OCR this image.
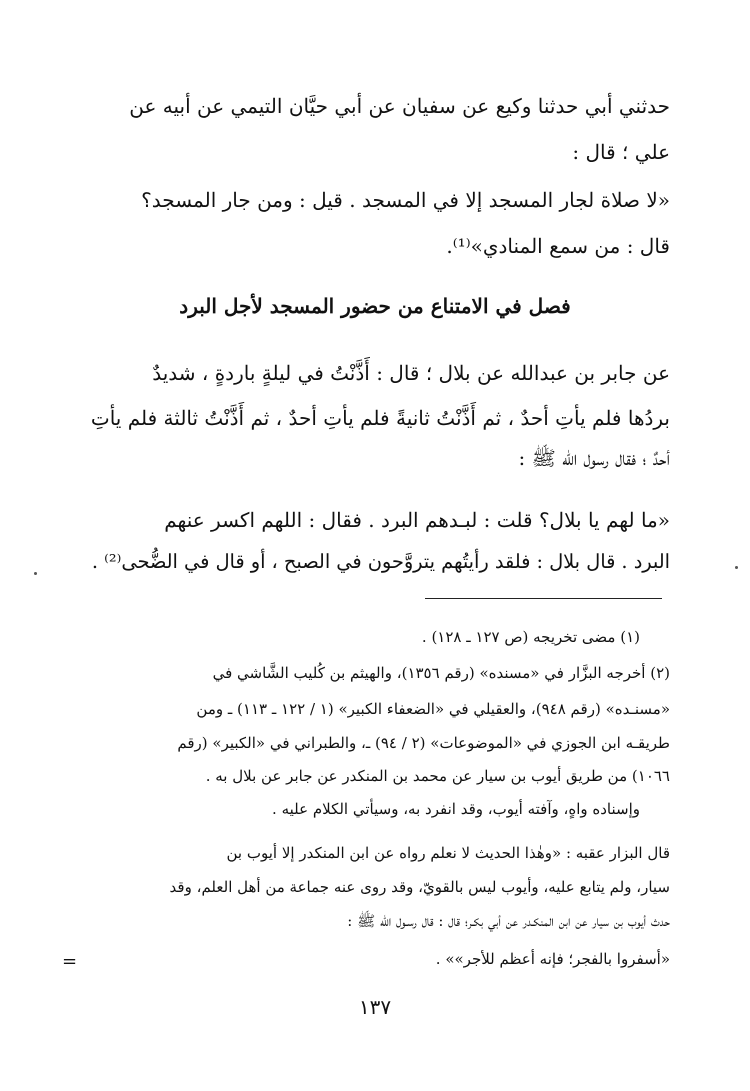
حدثني أبي حدثنا وكيع عن سفيان عن أبي حيَّان التيمي عن أبيه عن
علي ؛ قال :
«لا صلاة لجار المسجد إلا في المسجد . قيل : ومن جار المسجد؟
قال : من سمع المنادي»⁽¹⁾.
فصل في الامتناع من حضور المسجد لأجل البرد
عن جابر بن عبدالله عن بلال ؛ قال : أَذَّنْتُ في ليلةٍ باردةٍ ، شديدٌ
بردُها فلم يأتِ أحدٌ ، ثم أَذَّنْتُ ثانيةً فلم يأتِ أحدٌ ، ثم أَذَّنْتُ ثالثة فلم يأتِ
أحدٌ ؛ فقال رسول الله ﷺ :
«ما لهم يا بلال؟ قلت : لبـدهم البرد . فقال : اللهم اكسر عنهم
البرد . قال بلال : فلقد رأيتُهم يتروَّحون في الصبح ، أو قال في الضُّحى⁽²⁾ .
(١) مضى تخريجه (ص ١٢٧ ـ ١٢٨) .
(٢) أخرجه البزَّار في «مسنده» (رقم ١٣٥٦)، والهيثم بن كُليب الشَّاشي في
«مسنـده» (رقم ٩٤٨)، والعقيلي في «الضعفاء الكبير» (١ / ١٢٢ ـ ١١٣) ـ ومن
طريقـه ابن الجوزي في «الموضوعات» (٢ / ٩٤) ـ، والطبراني في «الكبير» (رقم
١٠٦٦) من طريق أيوب بن سيار عن محمد بن المنكدر عن جابر عن بلال به .
وإسناده واهٍ، وآفته أيوب، وقد انفرد به، وسيأتي الكلام عليه .
قال البزار عقبه : «وهٰذا الحديث لا نعلم رواه عن ابن المنكدر إلا أيوب بن
سيار، ولم يتابع عليه، وأيوب ليس بالقويّ، وقد روى عنه جماعة من أهل العلم، وقد
حدث أيوب بن سيار عن ابن المنكـدر عن أبي بكـر؛ قال : قال رسـول الله ﷺ :
«أسفروا بالفجر؛ فإنه أعظم للأجر»» .
=
١٣٧
